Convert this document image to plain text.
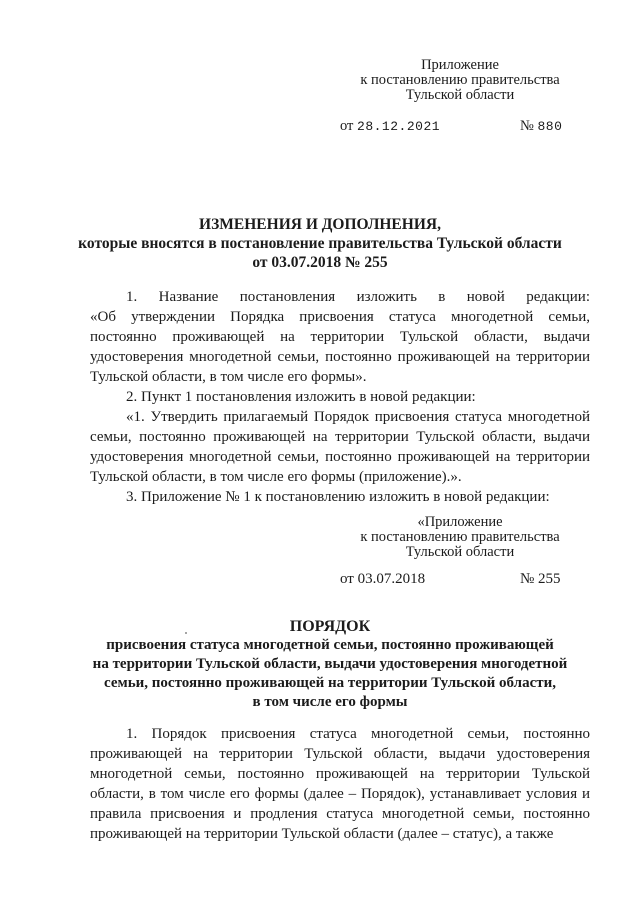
Приложение
к постановлению правительства
Тульской области
от 28.12.2021	№ 880
ИЗМЕНЕНИЯ И ДОПОЛНЕНИЯ,
которые вносятся в постановление правительства Тульской области
от 03.07.2018 № 255

1.    Название    постановления    изложить    в    новой    редакции:

«Об утверждении Порядка присвоения статуса многодетной семьи, постоянно проживающей на территории Тульской области, выдачи удостоверения многодетной семьи, постоянно проживающей на территории Тульской области, в том числе его формы».

2. Пункт 1 постановления изложить в новой редакции:

«1. Утвердить прилагаемый Порядок присвоения статуса многодетной семьи, постоянно проживающей на территории Тульской области, выдачи удостоверения многодетной семьи, постоянно проживающей на территории Тульской области, в том числе его формы (приложение).».

3. Приложение № 1 к постановлению изложить в новой редакции:

«Приложение
к постановлению правительства
Тульской области
от 03.07.2018	№ 255
ПОРЯДОК
присвоения статуса многодетной семьи, постоянно проживающей
на территории Тульской области, выдачи удостоверения многодетной
семьи, постоянно проживающей на территории Тульской области,
в том числе его формы

1. Порядок присвоения статуса многодетной семьи, постоянно проживающей на территории Тульской области, выдачи удостоверения многодетной семьи, постоянно проживающей на территории Тульской области, в том числе его формы (далее – Порядок), устанавливает условия и правила присвоения и продления статуса многодетной семьи, постоянно проживающей на территории Тульской области (далее – статус), а также
